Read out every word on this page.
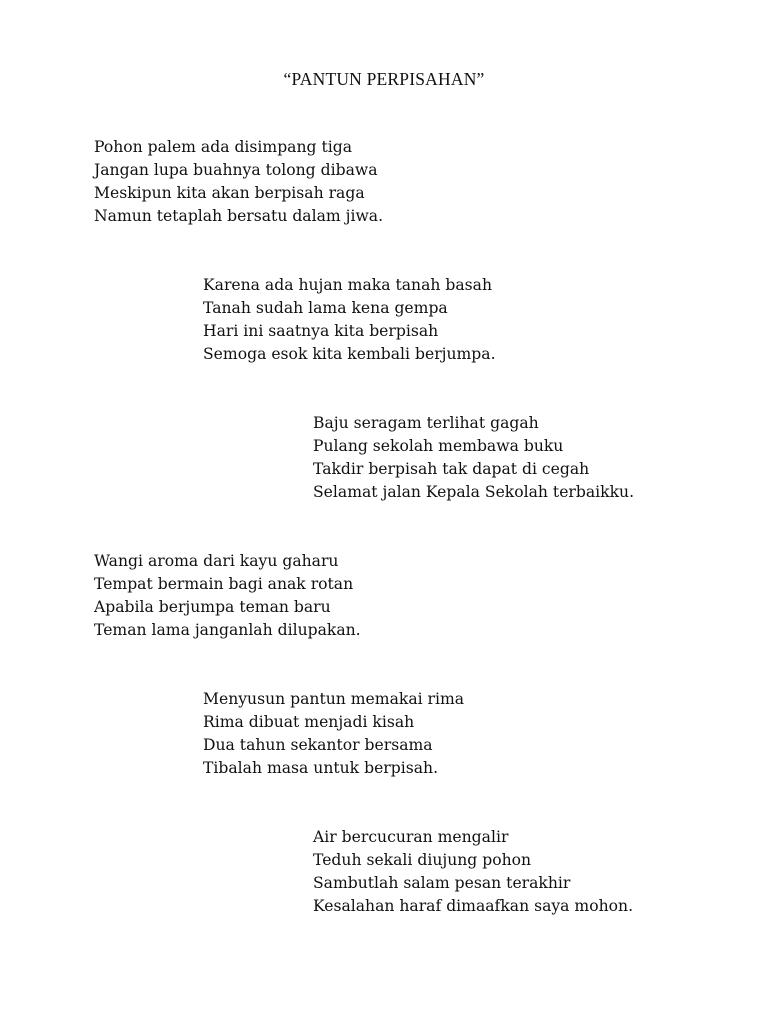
“PANTUN PERPISAHAN”
Pohon palem ada disimpang tiga
Jangan lupa buahnya tolong dibawa
Meskipun kita akan berpisah raga
Namun tetaplah bersatu dalam jiwa.
Karena ada hujan maka tanah basah
Tanah sudah lama kena gempa
Hari ini saatnya kita berpisah
Semoga esok kita kembali berjumpa.
Baju seragam terlihat gagah
Pulang sekolah membawa buku
Takdir berpisah tak dapat di cegah
Selamat jalan Kepala Sekolah terbaikku.
Wangi aroma dari kayu gaharu
Tempat bermain bagi anak rotan
Apabila berjumpa teman baru
Teman lama janganlah dilupakan.
Menyusun pantun memakai rima
Rima dibuat menjadi kisah
Dua tahun sekantor bersama
Tibalah masa untuk berpisah.
Air bercucuran mengalir
Teduh sekali diujung pohon
Sambutlah salam pesan terakhir
Kesalahan haraf dimaafkan saya mohon.
